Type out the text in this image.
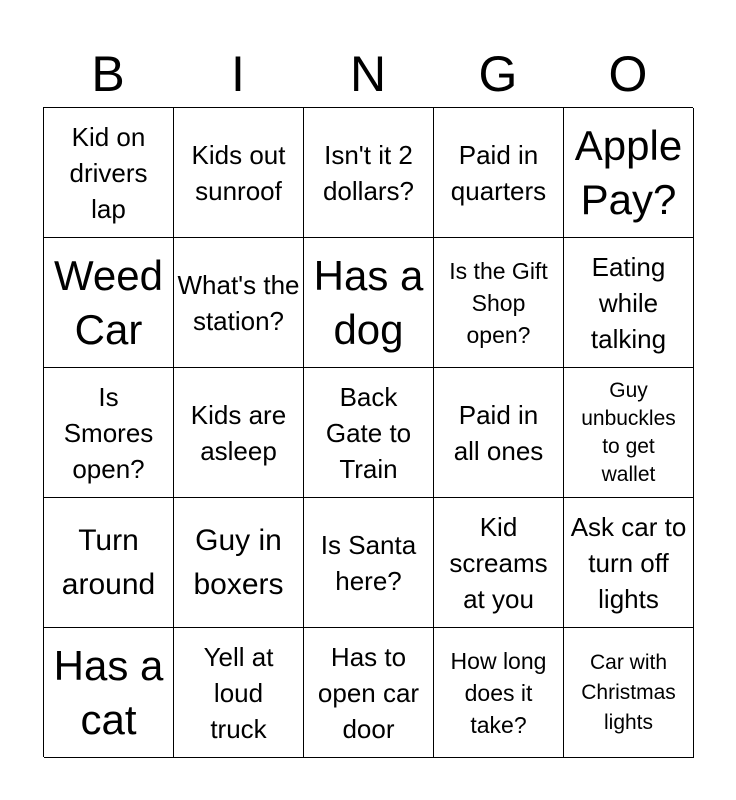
B	I	N	G	O
Kid on drivers lap
Kids out sunroof
Isn't it 2 dollars?
Paid in quarters
Apple Pay?
Weed Car
What's the station?
Has a dog
Is the Gift Shop open?
Eating while talking
Is Smores open?
Kids are asleep
Back Gate to Train
Paid in all ones
Guy unbuckles to get wallet
Turn around
Guy in boxers
Is Santa here?
Kid screams at you
Ask car to turn off lights
Has a cat
Yell at loud truck
Has to open car door
How long does it take?
Car with Christmas lights
